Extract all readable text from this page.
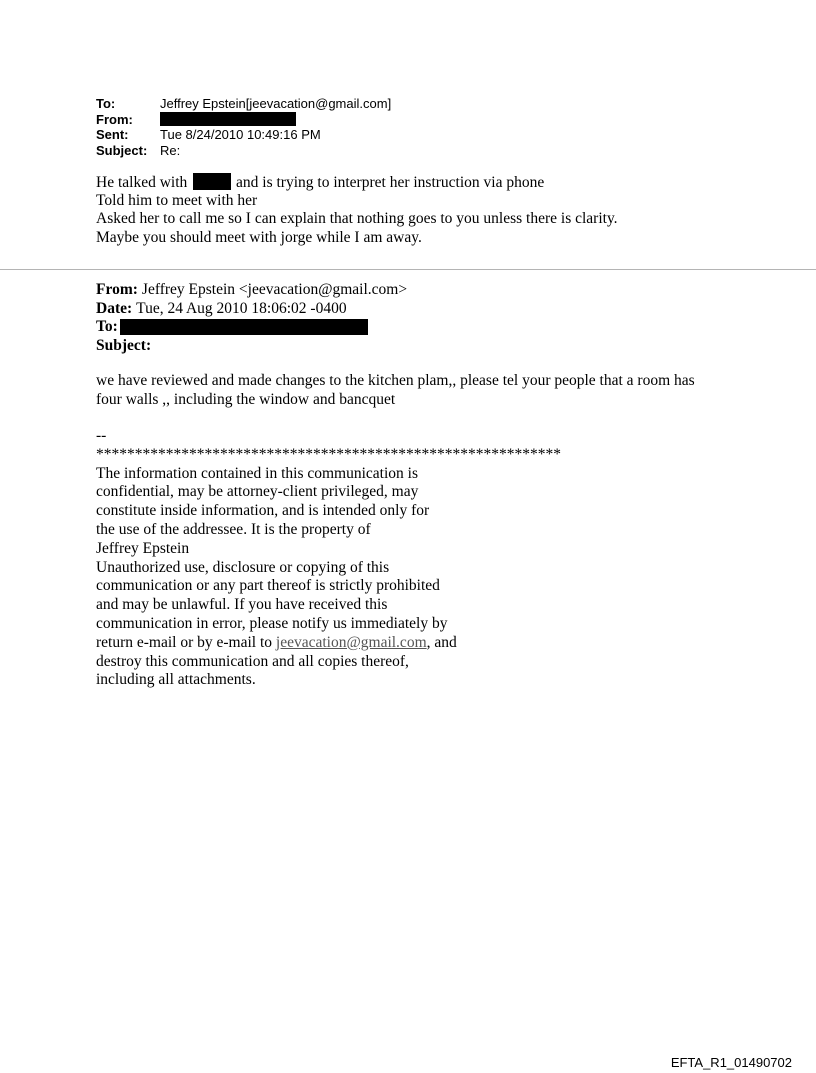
To:	Jeffrey Epstein[jeevacation@gmail.com]
From:
Sent:	Tue 8/24/2010 10:49:16 PM
Subject: Re:
He talked with	and is trying to interpret her instruction via phone
Told him to meet with her
Asked her to call me so I can explain that nothing goes to you unless there is clarity.
Maybe you should meet with jorge while I am away.
From: Jeffrey Epstein <jeevacation@gmail.com>
Date: Tue, 24 Aug 2010 18:06:02 -0400
To:
Subject:
we have reviewed and made changes to the kitchen plam,, please tel your people that a room has
four walls ,, including the window and bancquet
--
************************************************************
The information contained in this communication is
confidential, may be attorney-client privileged, may
constitute inside information, and is intended only for
the use of the addressee. It is the property of
Jeffrey Epstein
Unauthorized use, disclosure or copying of this
communication or any part thereof is strictly prohibited
and may be unlawful. If you have received this
communication in error, please notify us immediately by
return e-mail or by e-mail to jeevacation@gmail.com, and
destroy this communication and all copies thereof,
including all attachments.
EFTA_R1_01490702
